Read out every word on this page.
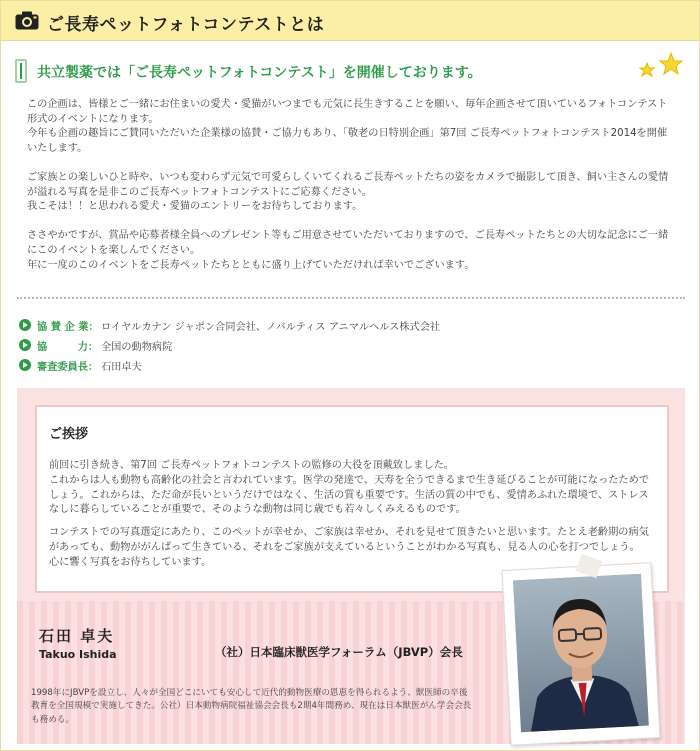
ご長寿ペットフォトコンテストとは
共立製薬では「ご長寿ペットフォトコンテスト」を開催しております。

この企画は、皆様とご一緒にお住まいの愛犬・愛猫がいつまでも元気に長生きすることを願い、毎年企画させて頂いているフォトコンテスト
形式のイベントになります。
今年も企画の趣旨にご賛同いただいた企業様の協賛・ご協力もあり、「敬老の日特別企画」第7回 ご長寿ペットフォトコンテスト2014を開催
いたします。

ご家族との楽しいひと時や、いつも変わらず元気で可愛らしくいてくれるご長寿ペットたちの姿をカメラで撮影して頂き、飼い主さんの愛情
が溢れる写真を是非このご長寿ペットフォトコンテストにご応募ください。
我こそは！！と思われる愛犬・愛猫のエントリーをお待ちしております。

ささやかですが、賞品や応募者様全員へのプレゼント等もご用意させていただいておりますので、ご長寿ペットたちとの大切な記念にご一緒
にこのイベントを楽しんでください。
年に一度のこのイベントをご長寿ペットたちとともに盛り上げていただければ幸いでございます。

協 賛 企 業： ロイヤルカナン ジャポン合同会社、ノバルティス アニマルヘルス株式会社
協　　　力： 全国の動物病院
審査委員長： 石田卓夫
ご挨拶

前回に引き続き、第7回 ご長寿ペットフォトコンテストの監修の大役を頂戴致しました。
これからは人も動物も高齢化の社会と言われています。医学の発達で、天寿を全うできるまで生き延びることが可能になったためで
しょう。これからは、ただ命が長いというだけではなく、生活の質も重要です。生活の質の中でも、愛情あふれた環境で、ストレス
なしに暮らしていることが重要で、そのような動物は同じ歳でも若々しくみえるものです。

コンテストでの写真選定にあたり、このペットが幸せか、ご家族は幸せか、それを見せて頂きたいと思います。たとえ老齢期の病気
があっても、動物ががんばって生きている、それをご家族が支えているということがわかる写真も、見る人の心を打つでしょう。
心に響く写真をお待ちしています。

石田 卓夫
Takuo Ishida	（社）日本臨床獣医学フォーラム（JBVP）会長
1998年にJBVPを設立し、人々が全国どこにいても安心して近代的動物医療の恩恵を得られるよう、獣医師の卒後
教育を全国規模で実施してきた。公社）日本動物病院福祉協会会長も2期4年間務め、現在は日本獣医がん学会会長
も務める。
